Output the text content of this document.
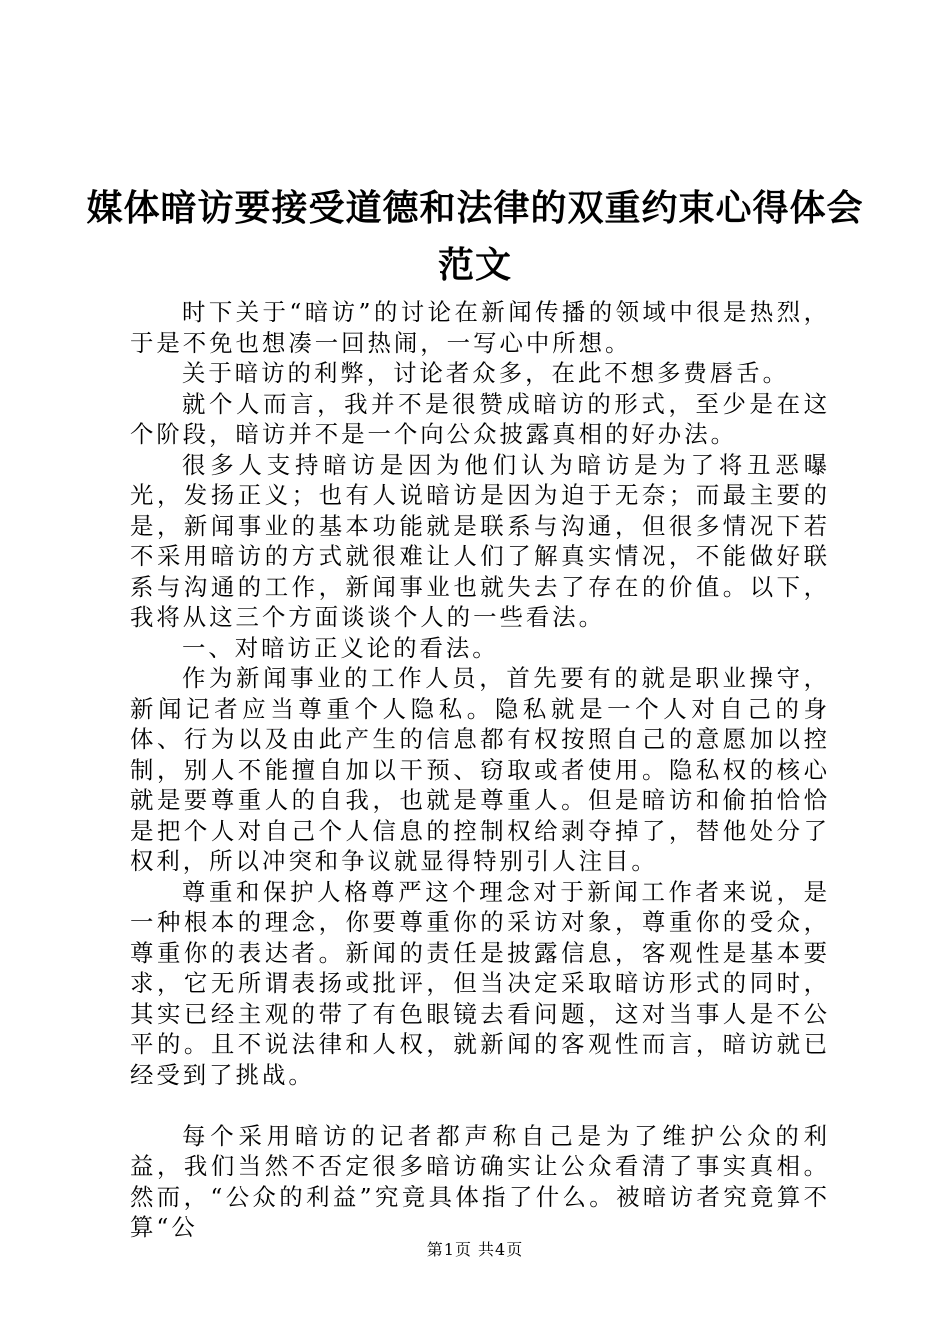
媒体暗访要接受道德和法律的双重约束心得体会范文

时下关于“暗访”的讨论在新闻传播的领域中很是热烈，于是不免也想凑一回热闹，一写心中所想。

关于暗访的利弊，讨论者众多，在此不想多费唇舌。

就个人而言，我并不是很赞成暗访的形式，至少是在这个阶段，暗访并不是一个向公众披露真相的好办法。

很多人支持暗访是因为他们认为暗访是为了将丑恶曝光，发扬正义；也有人说暗访是因为迫于无奈；而最主要的是，新闻事业的基本功能就是联系与沟通，但很多情况下若不采用暗访的方式就很难让人们了解真实情况，不能做好联系与沟通的工作，新闻事业也就失去了存在的价值。以下，我将从这三个方面谈谈个人的一些看法。

一、对暗访正义论的看法。

作为新闻事业的工作人员，首先要有的就是职业操守，新闻记者应当尊重个人隐私。隐私就是一个人对自己的身体、行为以及由此产生的信息都有权按照自己的意愿加以控制，别人不能擅自加以干预、窃取或者使用。隐私权的核心就是要尊重人的自我，也就是尊重人。但是暗访和偷拍恰恰是把个人对自己个人信息的控制权给剥夺掉了，替他处分了权利，所以冲突和争议就显得特别引人注目。

尊重和保护人格尊严这个理念对于新闻工作者来说，是一种根本的理念，你要尊重你的采访对象，尊重你的受众，尊重你的表达者。新闻的责任是披露信息，客观性是基本要求，它无所谓表扬或批评，但当决定采取暗访形式的同时，其实已经主观的带了有色眼镜去看问题，这对当事人是不公平的。且不说法律和人权，就新闻的客观性而言，暗访就已经受到了挑战。

每个采用暗访的记者都声称自己是为了维护公众的利益，我们当然不否定很多暗访确实让公众看清了事实真相。然而，“公众的利益”究竟具体指了什么。被暗访者究竟算不算“公

第1页 共4页
